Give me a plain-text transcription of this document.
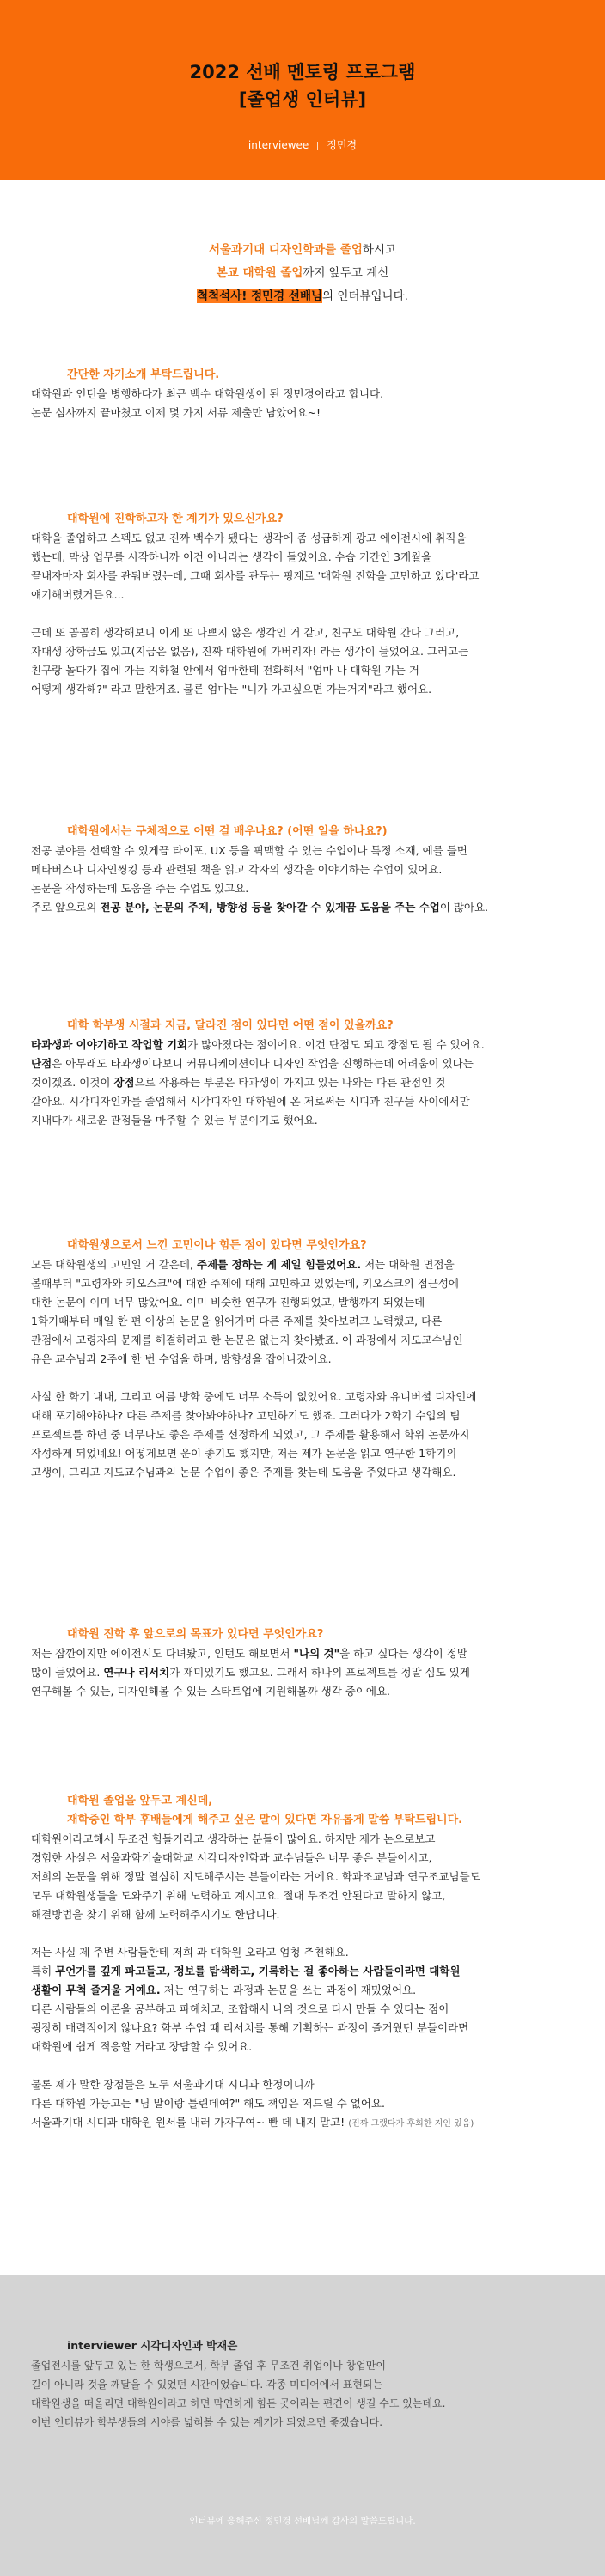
2022 선배 멘토링 프로그램
[졸업생 인터뷰]
interviewee 정민경
서울과기대 디자인학과를 졸업하시고
본교 대학원 졸업까지 앞두고 계신
척척석사! 정민경 선배님의 인터뷰입니다.
간단한 자기소개 부탁드립니다.

대학원과 인턴을 병행하다가 최근 백수 대학원생이 된 정민경이라고 합니다.

논문 심사까지 끝마쳤고 이제 몇 가지 서류 제출만 남았어요~!

대학원에 진학하고자 한 계기가 있으신가요?

대학을 졸업하고 스펙도 없고 진짜 백수가 됐다는 생각에 좀 성급하게 광고 에이전시에 취직을

했는데, 막상 업무를 시작하니까 이건 아니라는 생각이 들었어요. 수습 기간인 3개월을

끝내자마자 회사를 관둬버렸는데, 그때 회사를 관두는 핑계로 '대학원 진학을 고민하고 있다'라고

얘기해버렸거든요...

근데 또 곰곰히 생각해보니 이게 또 나쁘지 않은 생각인 거 같고, 친구도 대학원 간다 그러고,

자대생 장학금도 있고(지금은 없음), 진짜 대학원에 가버리자! 라는 생각이 들었어요. 그러고는

친구랑 놀다가 집에 가는 지하철 안에서 엄마한테 전화해서 "엄마 나 대학원 가는 거

어떻게 생각해?" 라고 말한거죠. 물론 엄마는 "니가 가고싶으면 가는거지"라고 했어요.

대학원에서는 구체적으로 어떤 걸 배우나요? (어떤 일을 하나요?)

전공 분야를 선택할 수 있게끔 타이포, UX 등을 픽맥할 수 있는 수업이나 특정 소재, 예를 들면

메타버스나 디자인씽킹 등과 관련된 책을 읽고 각자의 생각을 이야기하는 수업이 있어요.

논문을 작성하는데 도움을 주는 수업도 있고요.

주로 앞으로의 전공 분야, 논문의 주제, 방향성 등을 찾아갈 수 있게끔 도움을 주는 수업이 많아요.

대학 학부생 시절과 지금, 달라진 점이 있다면 어떤 점이 있을까요?

타과생과 이야기하고 작업할 기회가 많아졌다는 점이에요. 이건 단점도 되고 장점도 될 수 있어요.

단점은 아무래도 타과생이다보니 커뮤니케이션이나 디자인 작업을 진행하는데 어려움이 있다는

것이겠죠. 이것이 장점으로 작용하는 부분은 타과생이 가지고 있는 나와는 다른 관점인 것

같아요. 시각디자인과를 졸업해서 시각디자인 대학원에 온 저로써는 시디과 친구들 사이에서만

지내다가 새로운 관점들을 마주할 수 있는 부분이기도 했어요.

대학원생으로서 느낀 고민이나 힘든 점이 있다면 무엇인가요?

모든 대학원생의 고민일 거 같은데, 주제를 정하는 게 제일 힘들었어요. 저는 대학원 면접을

볼때부터 "고령자와 키오스크"에 대한 주제에 대해 고민하고 있었는데, 키오스크의 접근성에

대한 논문이 이미 너무 많았어요. 이미 비슷한 연구가 진행되었고, 발행까지 되었는데

1학기때부터 매일 한 편 이상의 논문을 읽어가며 다른 주제를 찾아보려고 노력했고, 다른

관점에서 고령자의 문제를 해결하려고 한 논문은 없는지 찾아봤죠. 이 과정에서 지도교수님인

유은 교수님과 2주에 한 번 수업을 하며, 방향성을 잡아나갔어요.

사실 한 학기 내내, 그리고 여름 방학 중에도 너무 소득이 없었어요. 고령자와 유니버셜 디자인에

대해 포기해야하나? 다른 주제를 찾아봐야하나? 고민하기도 했죠. 그러다가 2학기 수업의 팀

프로젝트를 하던 중 너무나도 좋은 주제를 선정하게 되었고, 그 주제를 활용해서 학위 논문까지

작성하게 되었네요! 어떻게보면 운이 좋기도 했지만, 저는 제가 논문을 읽고 연구한 1학기의

고생이, 그리고 지도교수님과의 논문 수업이 좋은 주제를 찾는데 도움을 주었다고 생각해요.

대학원 진학 후 앞으로의 목표가 있다면 무엇인가요?

저는 잠깐이지만 에이전시도 다녀봤고, 인턴도 해보면서 "나의 것"을 하고 싶다는 생각이 정말

많이 들었어요. 연구나 리서치가 재미있기도 했고요. 그래서 하나의 프로젝트를 정말 심도 있게

연구해볼 수 있는, 디자인해볼 수 있는 스타트업에 지원해볼까 생각 중이에요.

대학원 졸업을 앞두고 계신데,
재학중인 학부 후배들에게 해주고 싶은 말이 있다면 자유롭게 말씀 부탁드립니다.

대학원이라고해서 무조건 힘들거라고 생각하는 분들이 많아요. 하지만 제가 논으로보고

경험한 사실은 서울과학기술대학교 시각디자인학과 교수님들은 너무 좋은 분들이시고,

저희의 논문을 위해 정말 열심히 지도해주시는 분들이라는 거에요. 학과조교님과 연구조교님들도

모두 대학원생들을 도와주기 위해 노력하고 계시고요. 절대 무조건 안된다고 말하지 않고,

해결방법을 찾기 위해 함께 노력해주시기도 한답니다.

저는 사실 제 주변 사람들한테 저희 과 대학원 오라고 엄청 추천해요.

특히 무언가를 깊게 파고들고, 정보를 탐색하고, 기록하는 걸 좋아하는 사람들이라면 대학원

생활이 무척 즐거울 거예요. 저는 연구하는 과정과 논문을 쓰는 과정이 재밌었어요.

다른 사람들의 이론을 공부하고 파헤치고, 조합해서 나의 것으로 다시 만들 수 있다는 점이

굉장히 매력적이지 않나요? 학부 수업 때 리서치를 통해 기획하는 과정이 즐거웠던 분들이라면

대학원에 쉽게 적응할 거라고 장담할 수 있어요.

물론 제가 말한 장점들은 모두 서울과기대 시디과 한정이니까

다른 대학원 가능고는 "님 말이랑 틀린데여?" 해도 책임은 저드릴 수 없어요.

서울과기대 시디과 대학원 원서를 내러 가자구여~ 빤 데 내지 말고! (진짜 그랬다가 후회한 지인 있음)

interviewer 시각디자인과 박재은

졸업전시를 앞두고 있는 한 학생으로서, 학부 졸업 후 무조건 취업이나 창업만이

길이 아니라 것을 깨달을 수 있었던 시간이었습니다. 각종 미디어에서 표현되는

대학원생을 떠올리면 대학원이라고 하면 막연하게 힘든 곳이라는 편견이 생길 수도 있는데요.

이번 인터뷰가 학부생들의 시야를 넓혀볼 수 있는 계기가 되었으면 좋겠습니다.

인터뷰에 응해주신 정민경 선배님께 감사의 말씀드립니다.
